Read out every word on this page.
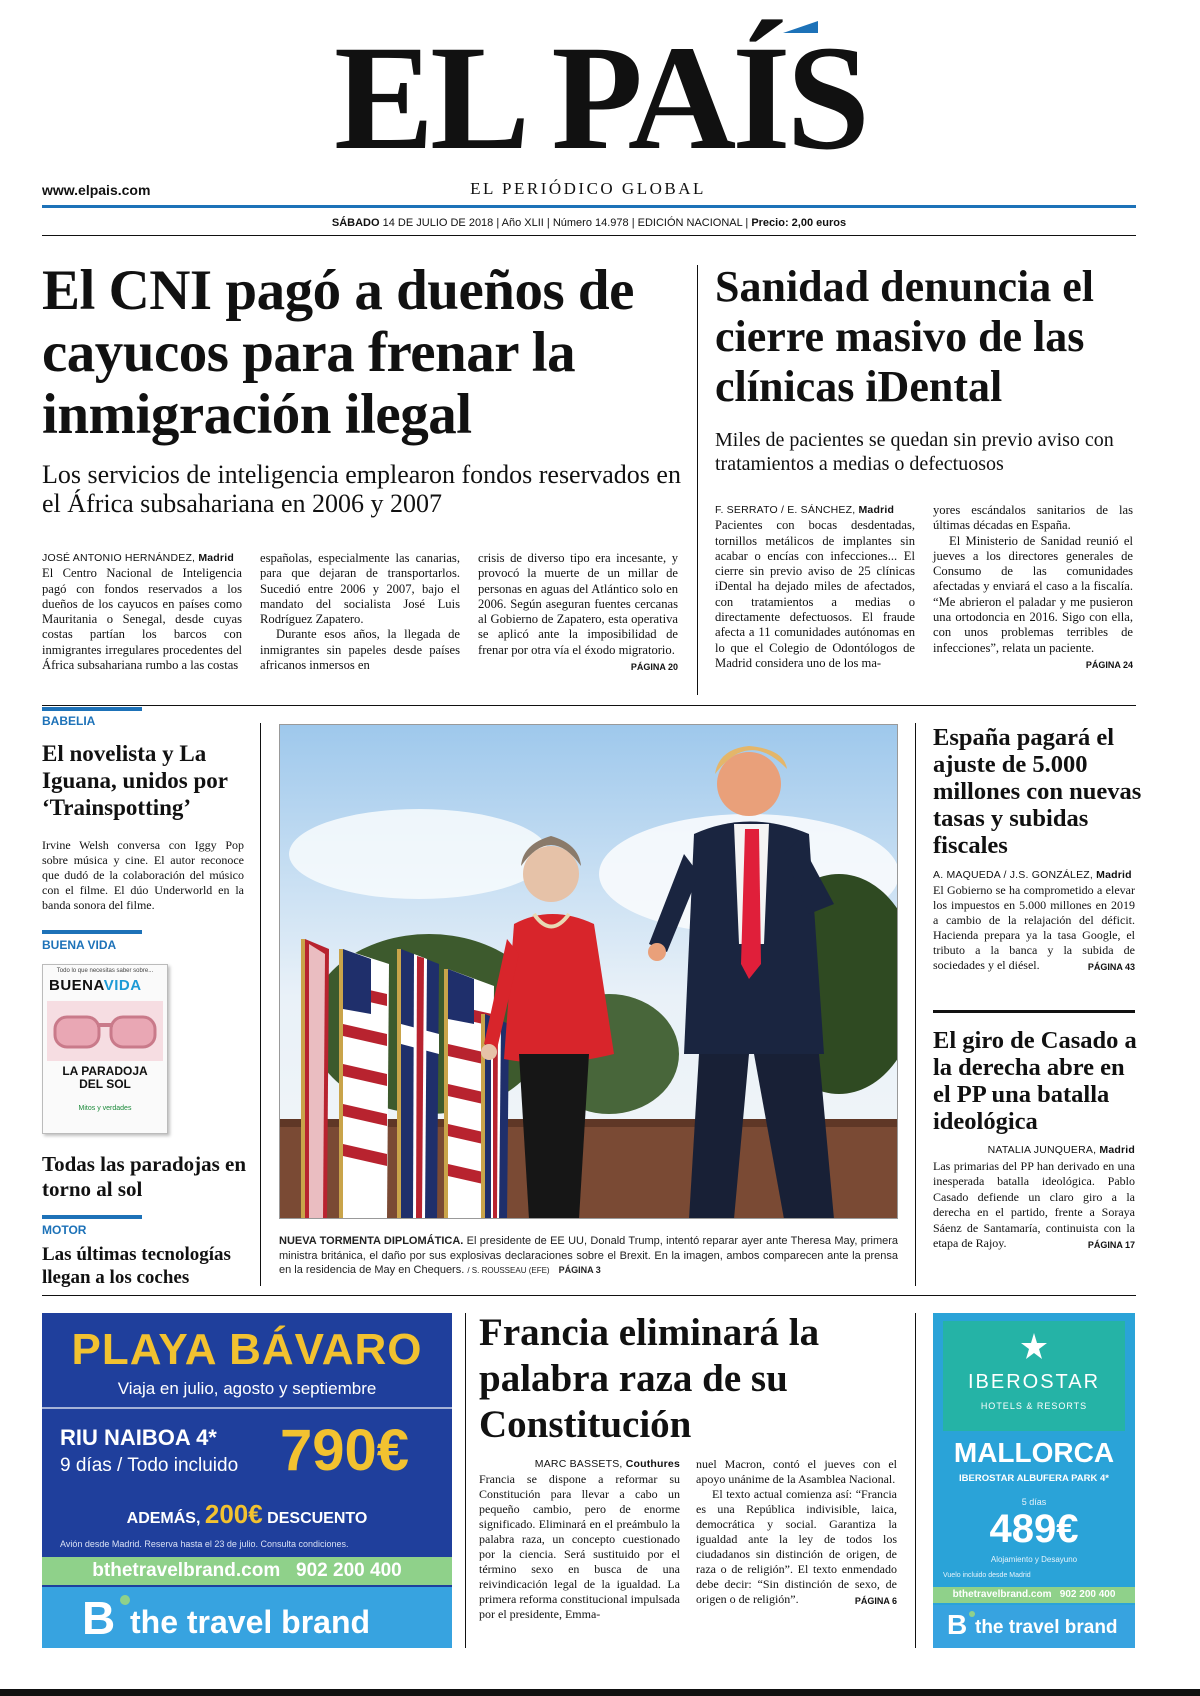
EL PAÍS
www.elpais.com	EL PERIÓDICO GLOBAL
SÁBADO 14 DE JULIO DE 2018 | Año XLII | Número 14.978 | EDICIÓN NACIONAL | Precio: 2,00 euros
El CNI pagó a dueños de cayucos para frenar la inmigración ilegal
Los servicios de inteligencia emplearon fondos reservados en el África subsahariana en 2006 y 2007
JOSÉ ANTONIO HERNÁNDEZ, Madrid

El Centro Nacional de Inteligencia pagó con fondos reservados a los dueños de los cayucos en países como Mauritania o Senegal, desde cuyas costas partían los barcos con inmigrantes irregulares procedentes del África subsahariana rumbo a las costas

españolas, especialmente las canarias, para que dejaran de transportarlos. Sucedió entre 2006 y 2007, bajo el mandato del socialista José Luis Rodríguez Zapatero.

Durante esos años, la llegada de inmigrantes sin papeles desde países africanos inmersos en

crisis de diverso tipo era incesante, y provocó la muerte de un millar de personas en aguas del Atlántico solo en 2006. Según aseguran fuentes cercanas al Gobierno de Zapatero, esta operativa se aplicó ante la imposibilidad de frenar por otra vía el éxodo migratorio.
PÁGINA 20

Sanidad denuncia el cierre masivo de las clínicas iDental
Miles de pacientes se quedan sin previo aviso con tratamientos a medias o defectuosos
F. SERRATO / E. SÁNCHEZ, Madrid

Pacientes con bocas desdentadas, tornillos metálicos de implantes sin acabar o encías con infecciones... El cierre sin previo aviso de 25 clínicas iDental ha dejado miles de afectados, con tratamientos a medias o directamente defectuosos. El fraude afecta a 11 comunidades autónomas en lo que el Colegio de Odontólogos de Madrid considera uno de los ma-

yores escándalos sanitarios de las últimas décadas en España.

El Ministerio de Sanidad reunió el jueves a los directores generales de Consumo de las comunidades afectadas y enviará el caso a la fiscalía. “Me abrieron el paladar y me pusieron una ortodoncia en 2016. Sigo con ella, con unos problemas terribles de infecciones”, relata un paciente.
PÁGINA 24

BABELIA
El novelista y La Iguana, unidos por ‘Trainspotting’

Irvine Welsh conversa con Iggy Pop sobre música y cine. El autor reconoce que dudó de la colaboración del músico con el filme. El dúo Underworld en la banda sonora del filme.

BUENA VIDA
Todo lo que necesitas saber sobre...
BUENAVIDA
LA PARADOJA DEL SOL
Mitos y verdades
Todas las paradojas en torno al sol
MOTOR
Las últimas tecnologías llegan a los coches
NUEVA TORMENTA DIPLOMÁTICA. El presidente de EE UU, Donald Trump, intentó reparar ayer ante Theresa May, primera ministra británica, el daño por sus explosivas declaraciones sobre el Brexit. En la imagen, ambos comparecen ante la prensa en la residencia de May en Chequers. / S. ROUSSEAU (EFE) PÁGINA 3
España pagará el ajuste de 5.000 millones con nuevas tasas y subidas fiscales
A. MAQUEDA / J.S. GONZÁLEZ, Madrid

El Gobierno se ha comprometido a elevar los impuestos en 5.000 millones en 2019 a cambio de la relajación del déficit. Hacienda prepara ya la tasa Google, el tributo a la banca y la subida de sociedades y el diésel.	PÁGINA 43

El giro de Casado a la derecha abre en el PP una batalla ideológica
NATALIA JUNQUERA, Madrid

Las primarias del PP han derivado en una inesperada batalla ideológica. Pablo Casado defiende un claro giro a la derecha en el partido, frente a Soraya Sáenz de Santamaría, continuista con la etapa de Rajoy.	PÁGINA 17

PLAYA BÁVARO
Viaja en julio, agosto y septiembre
RIU NAIBOA 4*
9 días / Todo incluido 790€
ADEMÁS, 200€ DESCUENTO
Avión desde Madrid. Reserva hasta el 23 de julio. Consulta condiciones.
bthetravelbrand.com   902 200 400
B the travel brand
Francia eliminará la palabra raza de su Constitución
MARC BASSETS, Couthures

Francia se dispone a reformar su Constitución para llevar a cabo un pequeño cambio, pero de enorme significado. Eliminará en el preámbulo la palabra raza, un concepto cuestionado por la ciencia. Será sustituido por el término sexo en busca de una reivindicación legal de la igualdad. La primera reforma constitucional impulsada por el presidente, Emma-

nuel Macron, contó el jueves con el apoyo unánime de la Asamblea Nacional.

El texto actual comienza así: “Francia es una República indivisible, laica, democrática y social. Garantiza la igualdad ante la ley de todos los ciudadanos sin distinción de origen, de raza o de religión”. El texto enmendado debe decir: “Sin distinción de sexo, de origen o de religión”.	PÁGINA 6

IBEROSTAR
HOTELS & RESORTS
MALLORCA
IBEROSTAR ALBUFERA PARK 4*
5 días
489€
Alojamiento y Desayuno
Vuelo incluido desde Madrid
bthetravelbrand.com   902 200 400
B the travel brand
